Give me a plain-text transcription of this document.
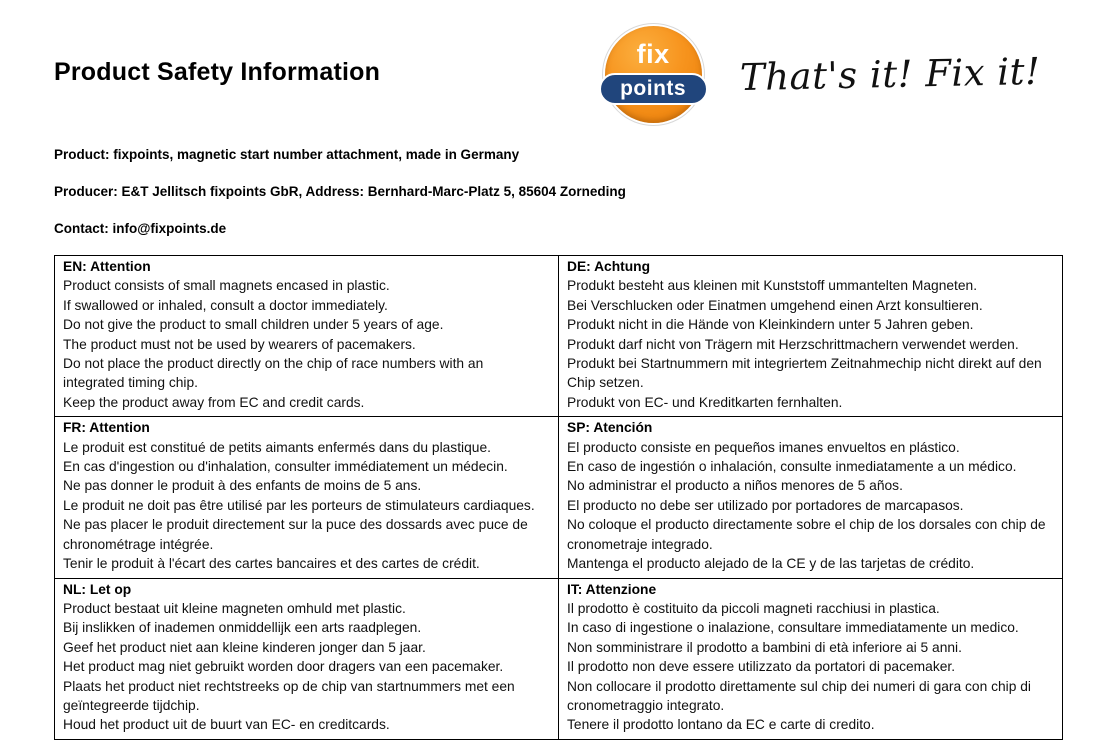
Product Safety Information
fix
points	That's it! Fix it!
Product: fixpoints, magnetic start number attachment, made in Germany
Producer: E&T Jellitsch fixpoints GbR, Address: Bernhard-Marc-Platz 5, 85604 Zorneding
Contact: info@fixpoints.de
EN: Attention
Product consists of small magnets encased in plastic.
If swallowed or inhaled, consult a doctor immediately.
Do not give the product to small children under 5 years of age.
The product must not be used by wearers of pacemakers.
Do not place the product directly on the chip of race numbers with an integrated timing chip.
Keep the product away from EC and credit cards.

DE: Achtung
Produkt besteht aus kleinen mit Kunststoff ummantelten Magneten.
Bei Verschlucken oder Einatmen umgehend einen Arzt konsultieren.
Produkt nicht in die Hände von Kleinkindern unter 5 Jahren geben.
Produkt darf nicht von Trägern mit Herzschrittmachern verwendet werden.
Produkt bei Startnummern mit integriertem Zeitnahmechip nicht direkt auf den Chip setzen.
Produkt von EC- und Kreditkarten fernhalten.

FR: Attention
Le produit est constitué de petits aimants enfermés dans du plastique.
En cas d'ingestion ou d'inhalation, consulter immédiatement un médecin.
Ne pas donner le produit à des enfants de moins de 5 ans.
Le produit ne doit pas être utilisé par les porteurs de stimulateurs cardiaques.
Ne pas placer le produit directement sur la puce des dossards avec puce de chronométrage intégrée.
Tenir le produit à l'écart des cartes bancaires et des cartes de crédit.

SP: Atención
El producto consiste en pequeños imanes envueltos en plástico.
En caso de ingestión o inhalación, consulte inmediatamente a un médico.
No administrar el producto a niños menores de 5 años.
El producto no debe ser utilizado por portadores de marcapasos.
No coloque el producto directamente sobre el chip de los dorsales con chip de cronometraje integrado.
Mantenga el producto alejado de la CE y de las tarjetas de crédito.

NL: Let op
Product bestaat uit kleine magneten omhuld met plastic.
Bij inslikken of inademen onmiddellijk een arts raadplegen.
Geef het product niet aan kleine kinderen jonger dan 5 jaar.
Het product mag niet gebruikt worden door dragers van een pacemaker.
Plaats het product niet rechtstreeks op de chip van startnummers met een geïntegreerde tijdchip.
Houd het product uit de buurt van EC- en creditcards.

IT: Attenzione
Il prodotto è costituito da piccoli magneti racchiusi in plastica.
In caso di ingestione o inalazione, consultare immediatamente un medico.
Non somministrare il prodotto a bambini di età inferiore ai 5 anni.
Il prodotto non deve essere utilizzato da portatori di pacemaker.
Non collocare il prodotto direttamente sul chip dei numeri di gara con chip di cronometraggio integrato.
Tenere il prodotto lontano da EC e carte di credito.
